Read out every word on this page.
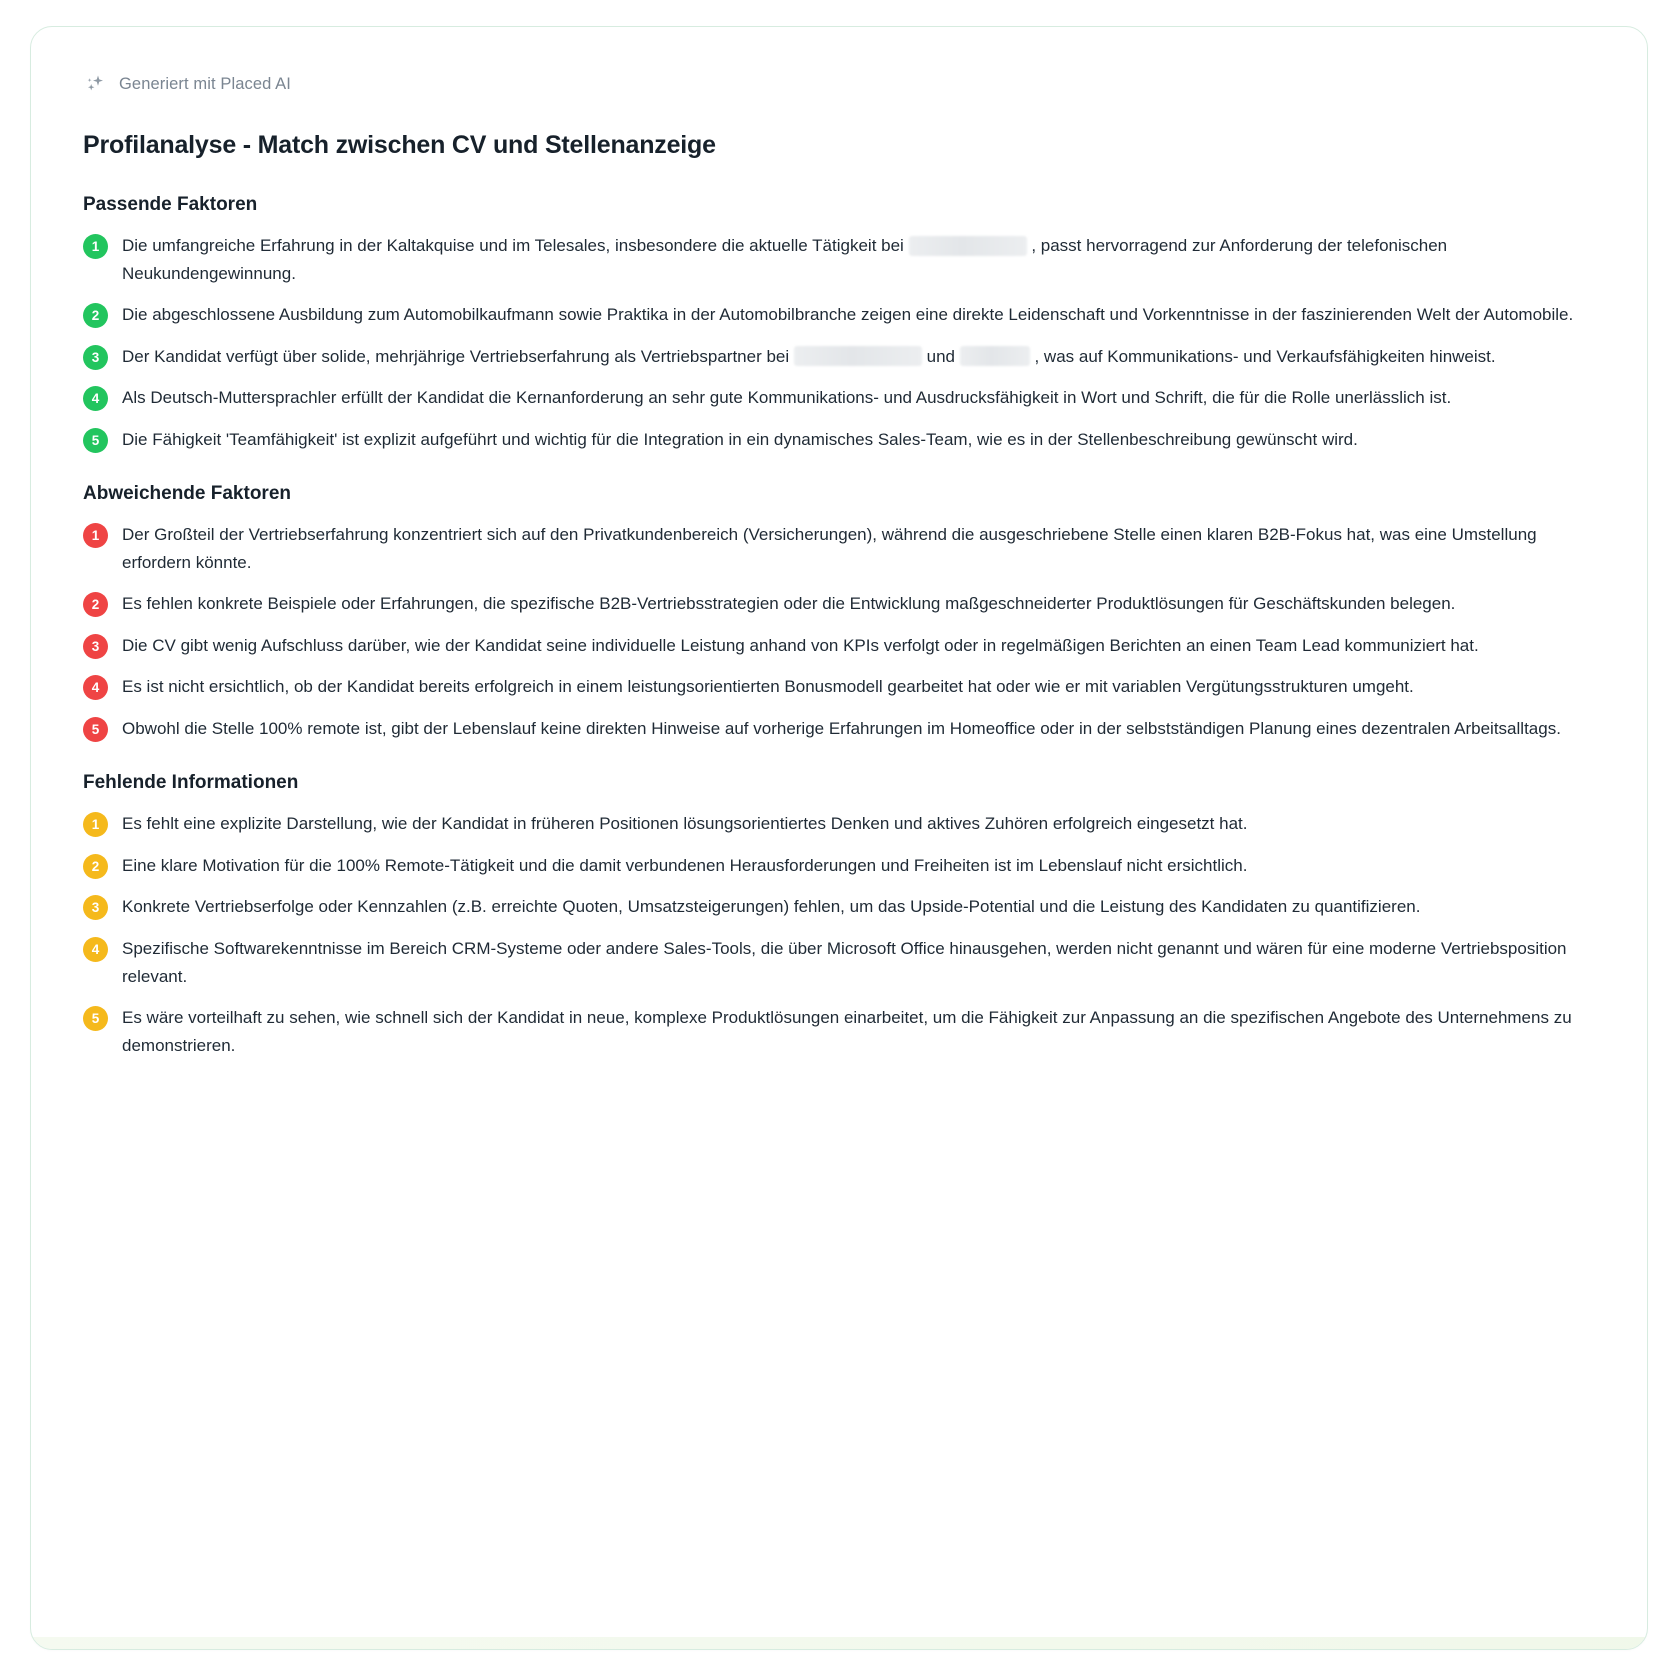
Generiert mit Placed AI
Profilanalyse - Match zwischen CV und Stellenanzeige
Passende Faktoren
1	Die umfangreiche Erfahrung in der Kaltakquise und im Telesales, insbesondere die aktuelle Tätigkeit bei	, passt hervorragend zur Anforderung der telefonischen Neukundengewinnung.
2	Die abgeschlossene Ausbildung zum Automobilkaufmann sowie Praktika in der Automobilbranche zeigen eine direkte Leidenschaft und Vorkenntnisse in der faszinierenden Welt der Automobile.
3	Der Kandidat verfügt über solide, mehrjährige Vertriebserfahrung als Vertriebspartner bei	und	, was auf Kommunikations- und Verkaufsfähigkeiten hinweist.
4	Als Deutsch-Muttersprachler erfüllt der Kandidat die Kernanforderung an sehr gute Kommunikations- und Ausdrucksfähigkeit in Wort und Schrift, die für die Rolle unerlässlich ist.
5	Die Fähigkeit 'Teamfähigkeit' ist explizit aufgeführt und wichtig für die Integration in ein dynamisches Sales-Team, wie es in der Stellenbeschreibung gewünscht wird.
Abweichende Faktoren
1	Der Großteil der Vertriebserfahrung konzentriert sich auf den Privatkundenbereich (Versicherungen), während die ausgeschriebene Stelle einen klaren B2B-Fokus hat, was eine Umstellung erfordern könnte.
2	Es fehlen konkrete Beispiele oder Erfahrungen, die spezifische B2B-Vertriebsstrategien oder die Entwicklung maßgeschneiderter Produktlösungen für Geschäftskunden belegen.
3	Die CV gibt wenig Aufschluss darüber, wie der Kandidat seine individuelle Leistung anhand von KPIs verfolgt oder in regelmäßigen Berichten an einen Team Lead kommuniziert hat.
4	Es ist nicht ersichtlich, ob der Kandidat bereits erfolgreich in einem leistungsorientierten Bonusmodell gearbeitet hat oder wie er mit variablen Vergütungsstrukturen umgeht.
5	Obwohl die Stelle 100% remote ist, gibt der Lebenslauf keine direkten Hinweise auf vorherige Erfahrungen im Homeoffice oder in der selbstständigen Planung eines dezentralen Arbeitsalltags.
Fehlende Informationen
1	Es fehlt eine explizite Darstellung, wie der Kandidat in früheren Positionen lösungsorientiertes Denken und aktives Zuhören erfolgreich eingesetzt hat.
2	Eine klare Motivation für die 100% Remote-Tätigkeit und die damit verbundenen Herausforderungen und Freiheiten ist im Lebenslauf nicht ersichtlich.
3	Konkrete Vertriebserfolge oder Kennzahlen (z.B. erreichte Quoten, Umsatzsteigerungen) fehlen, um das Upside-Potential und die Leistung des Kandidaten zu quantifizieren.
4	Spezifische Softwarekenntnisse im Bereich CRM-Systeme oder andere Sales-Tools, die über Microsoft Office hinausgehen, werden nicht genannt und wären für eine moderne Vertriebsposition relevant.
5	Es wäre vorteilhaft zu sehen, wie schnell sich der Kandidat in neue, komplexe Produktlösungen einarbeitet, um die Fähigkeit zur Anpassung an die spezifischen Angebote des Unternehmens zu demonstrieren.
